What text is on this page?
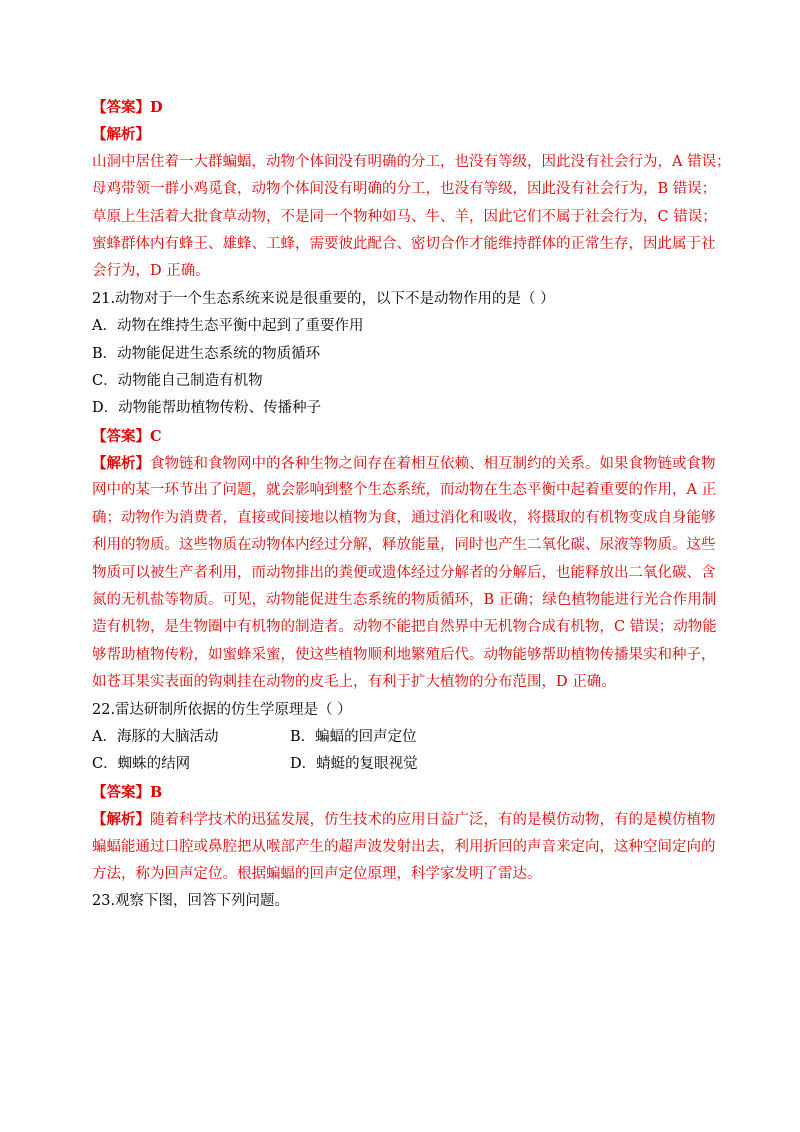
【答案】D
【解析】
山洞中居住着一大群蝙蝠，动物个体间没有明确的分工，也没有等级，因此没有社会行为，A 错误；
母鸡带领一群小鸡觅食，动物个体间没有明确的分工，也没有等级，因此没有社会行为，B 错误；
草原上生活着大批食草动物，不是同一个物种如马、牛、羊，因此它们不属于社会行为，C 错误；
蜜蜂群体内有蜂王、雄蜂、工蜂，需要彼此配合、密切合作才能维持群体的正常生存，因此属于社
会行为，D 正确。
21.动物对于一个生态系统来说是很重要的，以下不是动物作用的是（ ）
A．动物在维持生态平衡中起到了重要作用
B．动物能促进生态系统的物质循环
C．动物能自己制造有机物
D．动物能帮助植物传粉、传播种子
【答案】C
【解析】食物链和食物网中的各种生物之间存在着相互依赖、相互制约的关系。如果食物链或食物
网中的某一环节出了问题，就会影响到整个生态系统，而动物在生态平衡中起着重要的作用，A 正
确；动物作为消费者，直接或间接地以植物为食，通过消化和吸收，将摄取的有机物变成自身能够
利用的物质。这些物质在动物体内经过分解，释放能量，同时也产生二氧化碳、尿液等物质。这些
物质可以被生产者利用，而动物排出的粪便或遗体经过分解者的分解后，也能释放出二氧化碳、含
氮的无机盐等物质。可见，动物能促进生态系统的物质循环，B 正确；绿色植物能进行光合作用制
造有机物，是生物圈中有机物的制造者。动物不能把自然界中无机物合成有机物，C 错误；动物能
够帮助植物传粉，如蜜蜂采蜜，使这些植物顺利地繁殖后代。动物能够帮助植物传播果实和种子，
如苍耳果实表面的钩刺挂在动物的皮毛上，有利于扩大植物的分布范围，D 正确。
22.雷达研制所依据的仿生学原理是（ ）
A．海豚的大脑活动	B．蝙蝠的回声定位
C．蜘蛛的结网	D．蜻蜓的复眼视觉
【答案】B
【解析】随着科学技术的迅猛发展，仿生技术的应用日益广泛，有的是模仿动物，有的是模仿植物
蝙蝠能通过口腔或鼻腔把从喉部产生的超声波发射出去，利用折回的声音来定向，这种空间定向的
方法，称为回声定位。根据蝙蝠的回声定位原理，科学家发明了雷达。
23.观察下图，回答下列问题。
